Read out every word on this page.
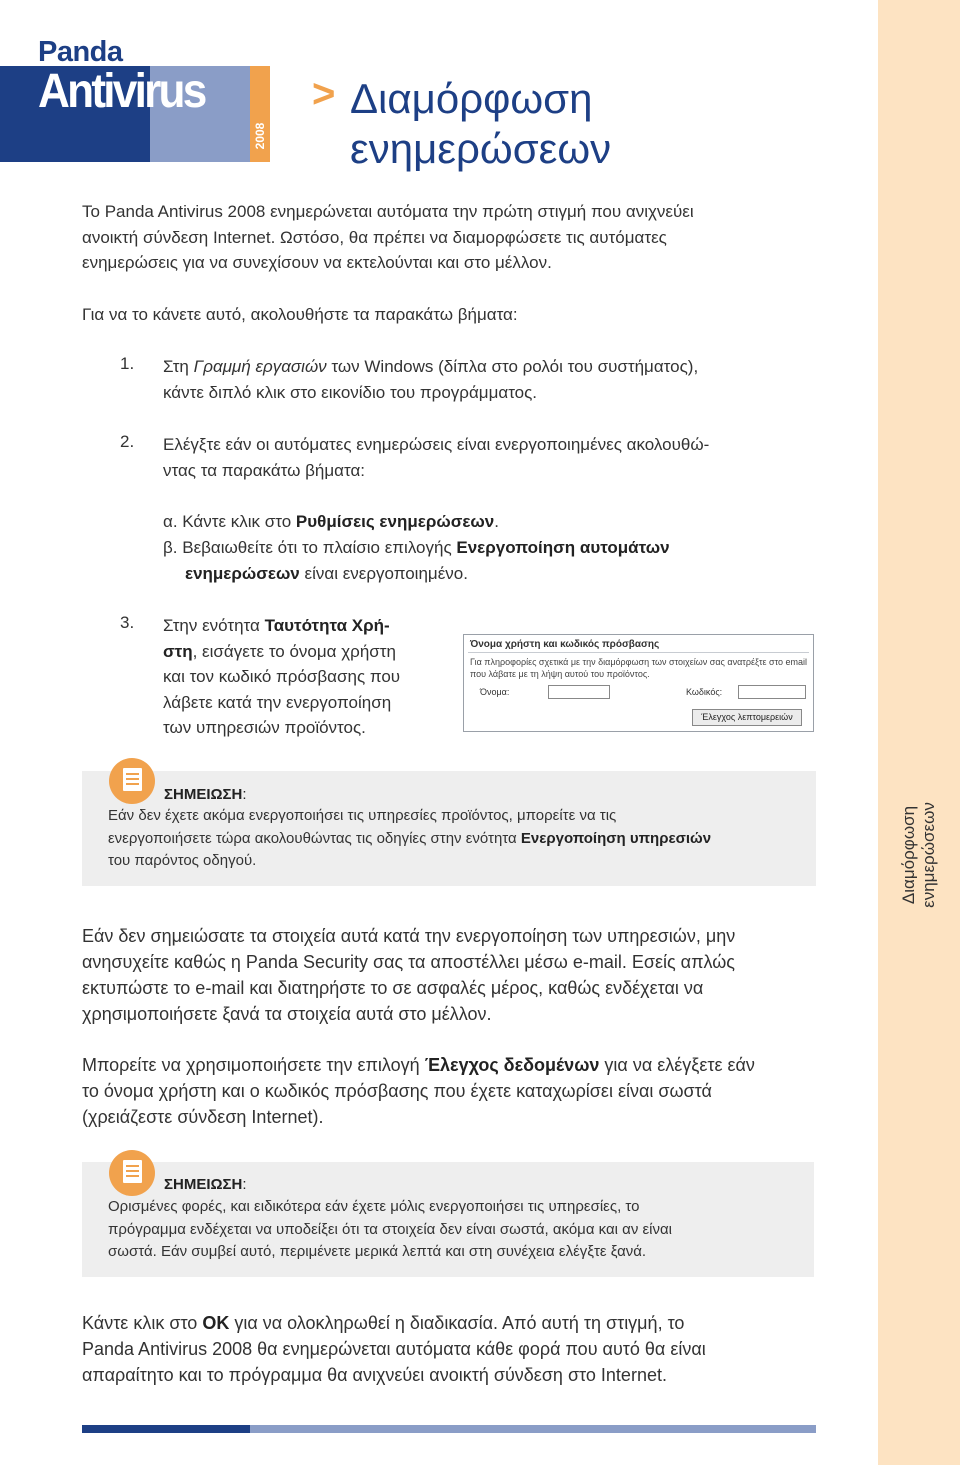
Panda
Antivirus
2008
> Διαμόρφωση
ενημερώσεων
Διαμόρφωση
ενημερώσεων
Το Panda Antivirus 2008 ενημερώνεται αυτόματα την πρώτη στιγμή που ανιχνεύει
ανοικτή σύνδεση Internet. Ωστόσο, θα πρέπει να διαμορφώσετε τις αυτόματες
ενημερώσεις για να συνεχίσουν να εκτελούνται και στο μέλλον.
Για να το κάνετε αυτό, ακολουθήστε τα παρακάτω βήματα:
1. Στη Γραμμή εργασιών των Windows (δίπλα στο ρολόι του συστήματος),
κάντε διπλό κλικ στο εικονίδιο του προγράμματος.
2. Ελέγξτε εάν οι αυτόματες ενημερώσεις είναι ενεργοποιημένες ακολουθώ-
ντας τα παρακάτω βήματα:
α. Κάντε κλικ στο Ρυθμίσεις ενημερώσεων.
β. Βεβαιωθείτε ότι το πλαίσιο επιλογής Ενεργοποίηση αυτομάτων
ενημερώσεων είναι ενεργοποιημένο.
3. Στην ενότητα Ταυτότητα Χρή-
στη, εισάγετε το όνομα χρήστη
και τον κωδικό πρόσβασης που
λάβετε κατά την ενεργοποίηση
των υπηρεσιών προϊόντος.
Όνομα χρήστη και κωδικός πρόσβασης
Για πληροφορίες σχετικά με την διαμόρφωση των στοιχείων σας ανατρέξτε στο email που λάβατε με τη λήψη αυτού του προϊόντος.
Όνομα:	Κωδικός:
Έλεγχος λεπτομερειών
ΣΗΜΕΙΩΣΗ:
Εάν δεν έχετε ακόμα ενεργοποιήσει τις υπηρεσίες προϊόντος, μπορείτε να τις
ενεργοποιήσετε τώρα ακολουθώντας τις οδηγίες στην ενότητα Ενεργοποίηση υπηρεσιών
του παρόντος οδηγού.
Εάν δεν σημειώσατε τα στοιχεία αυτά κατά την ενεργοποίηση των υπηρεσιών, μην
ανησυχείτε καθώς η Panda Security σας τα αποστέλλει μέσω e-mail. Εσείς απλώς
εκτυπώστε το e-mail και διατηρήστε το σε ασφαλές μέρος, καθώς ενδέχεται να
χρησιμοποιήσετε ξανά τα στοιχεία αυτά στο μέλλον.
Μπορείτε να χρησιμοποιήσετε την επιλογή Έλεγχος δεδομένων για να ελέγξετε εάν
το όνομα χρήστη και ο κωδικός πρόσβασης που έχετε καταχωρίσει είναι σωστά
(χρειάζεστε σύνδεση Internet).
ΣΗΜΕΙΩΣΗ:
Ορισμένες φορές, και ειδικότερα εάν έχετε μόλις ενεργοποιήσει τις υπηρεσίες, το
πρόγραμμα ενδέχεται να υποδείξει ότι τα στοιχεία δεν είναι σωστά, ακόμα και αν είναι
σωστά. Εάν συμβεί αυτό, περιμένετε μερικά λεπτά και στη συνέχεια ελέγξτε ξανά.
Κάντε κλικ στο OK για να ολοκληρωθεί η διαδικασία. Από αυτή τη στιγμή, το
Panda Antivirus 2008 θα ενημερώνεται αυτόματα κάθε φορά που αυτό θα είναι
απαραίτητο και το πρόγραμμα θα ανιχνεύει ανοικτή σύνδεση στο Internet.
